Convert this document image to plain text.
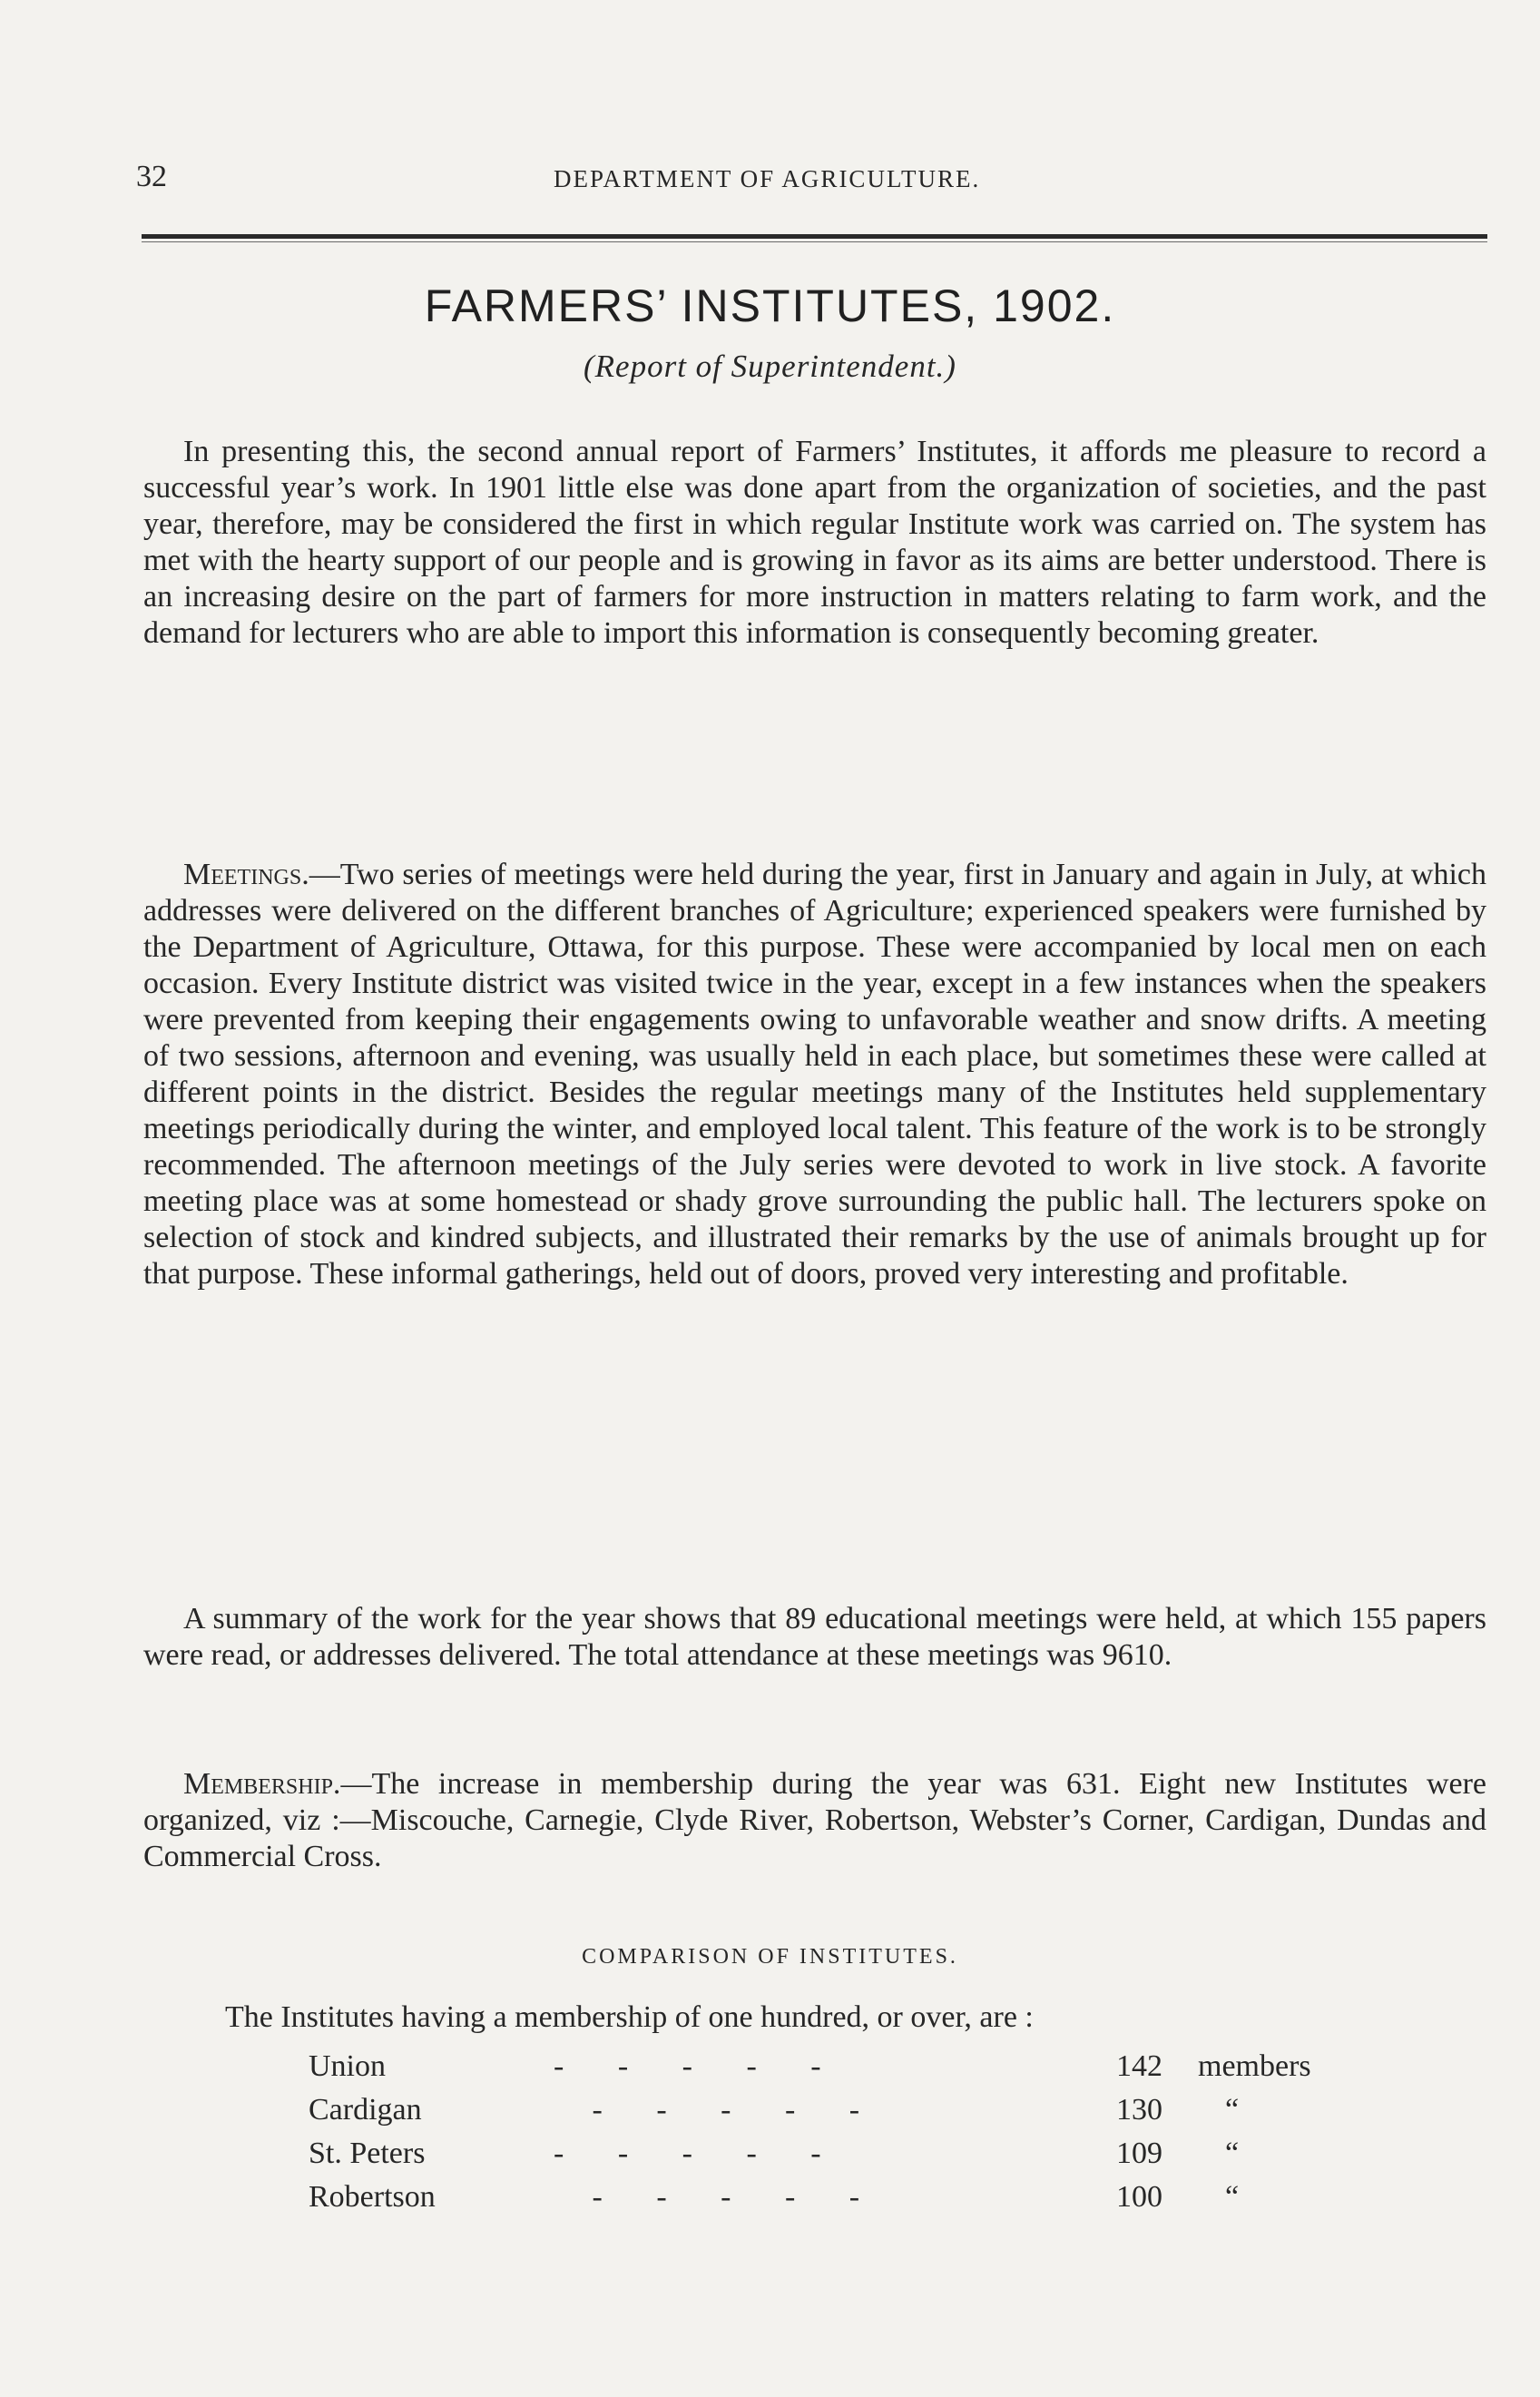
32	DEPARTMENT OF AGRICULTURE.
FARMERS’ INSTITUTES, 1902.
(Report of Superintendent.)

In presenting this, the second annual report of Farmers’ Institutes, it affords me pleasure to record a successful year’s work. In 1901 little else was done apart from the organization of societies, and the past year, therefore, may be considered the first in which regular Institute work was carried on. The system has met with the hearty support of our people and is growing in favor as its aims are better understood. There is an increasing desire on the part of farmers for more instruction in matters relating to farm work, and the demand for lecturers who are able to import this information is consequently becoming greater.

Meetings.—Two series of meetings were held during the year, first in January and again in July, at which addresses were delivered on the different branches of Agriculture; experienced speakers were furnished by the Department of Agriculture, Ottawa, for this purpose. These were accompanied by local men on each occasion. Every Institute district was visited twice in the year, except in a few instances when the speakers were prevented from keeping their engagements owing to unfavorable weather and snow drifts. A meeting of two sessions, afternoon and evening, was usually held in each place, but sometimes these were called at different points in the district. Besides the regular meetings many of the Institutes held supplementary meetings periodically during the winter, and employed local talent. This feature of the work is to be strongly recommended. The afternoon meetings of the July series were devoted to work in live stock. A favorite meeting place was at some homestead or shady grove surrounding the public hall. The lecturers spoke on selection of stock and kindred subjects, and illustrated their remarks by the use of animals brought up for that purpose. These informal gatherings, held out of doors, proved very interesting and profitable.

A summary of the work for the year shows that 89 educational meetings were held, at which 155 papers were read, or addresses delivered. The total attendance at these meetings was 9610.

Membership.—The increase in membership during the year was 631. Eight new Institutes were organized, viz :—Miscouche, Carnegie, Clyde River, Robertson, Webster’s Corner, Cardigan, Dundas and Commercial Cross.

COMPARISON OF INSTITUTES.
The Institutes having a membership of one hundred, or over, are :
Union	-       -       -       -       -	142 members
Cardigan	-       -       -       -       -	130 “
St. Peters	-       -       -       -       -	109 “
Robertson	-       -       -       -       -	100 “
